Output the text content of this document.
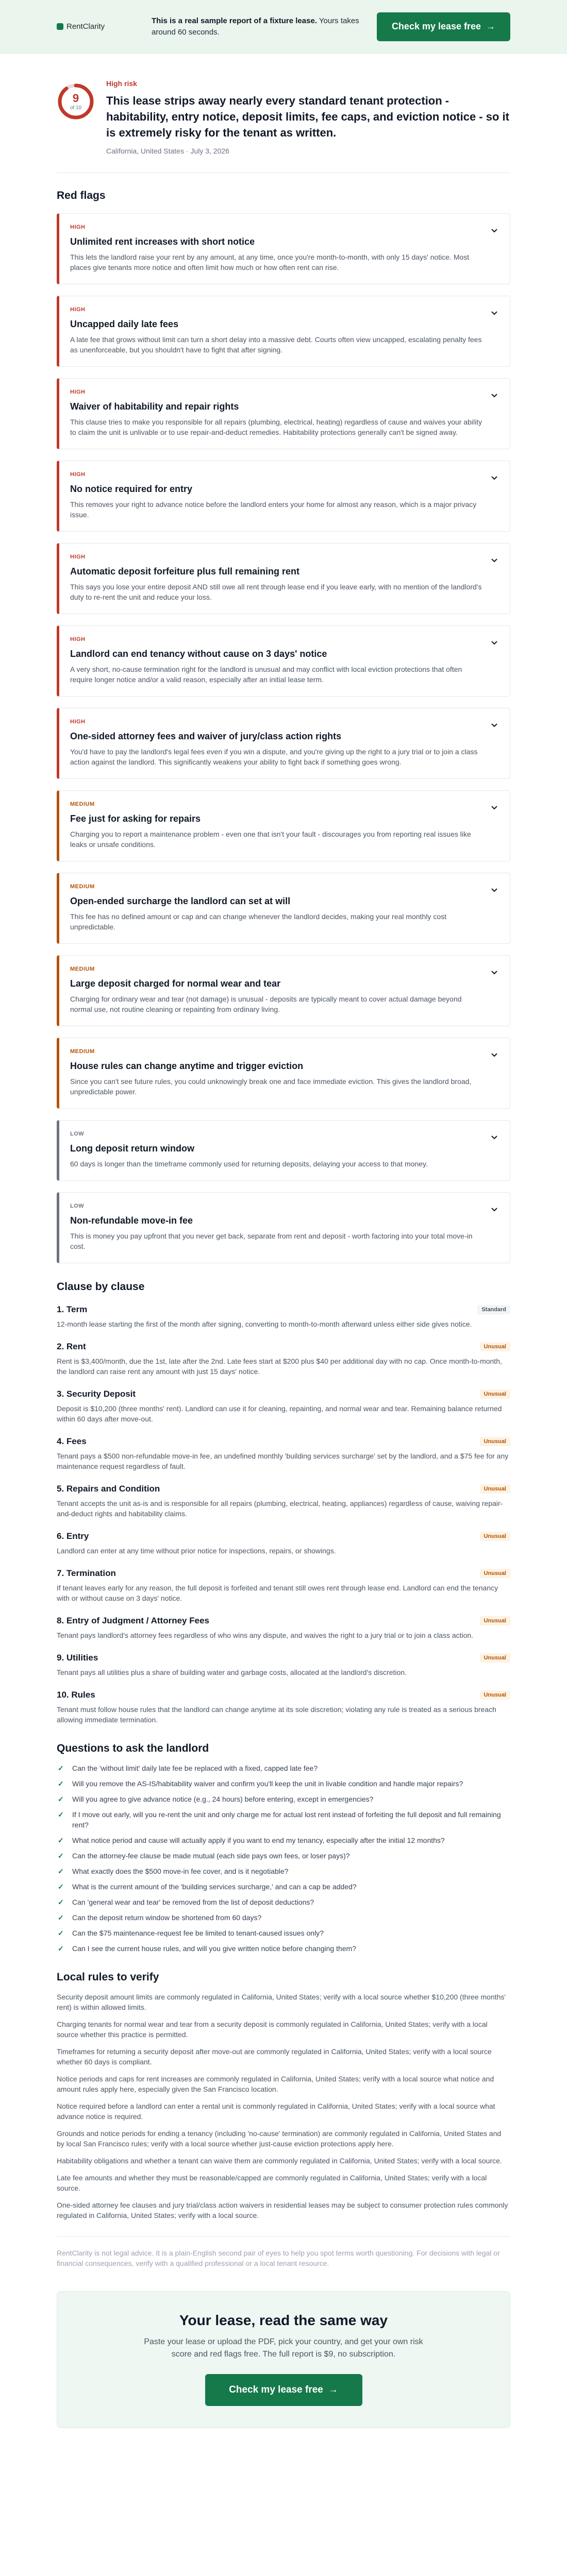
RentClarity
This is a real sample report of a fixture lease. Yours takes around 60 seconds.
Check my lease free →
9
of 10
High risk
This lease strips away nearly every standard tenant protection - habitability, entry notice, deposit limits, fee caps, and eviction notice - so it is extremely risky for the tenant as written.
California, United States · July 3, 2026
Red flags
HIGH
Unlimited rent increases with short notice
This lets the landlord raise your rent by any amount, at any time, once you're month-to-month, with only 15 days' notice. Most places give tenants more notice and often limit how much or how often rent can rise.
HIGH
Uncapped daily late fees
A late fee that grows without limit can turn a short delay into a massive debt. Courts often view uncapped, escalating penalty fees as unenforceable, but you shouldn't have to fight that after signing.
HIGH
Waiver of habitability and repair rights
This clause tries to make you responsible for all repairs (plumbing, electrical, heating) regardless of cause and waives your ability to claim the unit is unlivable or to use repair-and-deduct remedies. Habitability protections generally can't be signed away.
HIGH
No notice required for entry
This removes your right to advance notice before the landlord enters your home for almost any reason, which is a major privacy issue.
HIGH
Automatic deposit forfeiture plus full remaining rent
This says you lose your entire deposit AND still owe all rent through lease end if you leave early, with no mention of the landlord's duty to re-rent the unit and reduce your loss.
HIGH
Landlord can end tenancy without cause on 3 days' notice
A very short, no-cause termination right for the landlord is unusual and may conflict with local eviction protections that often require longer notice and/or a valid reason, especially after an initial lease term.
HIGH
One-sided attorney fees and waiver of jury/class action rights
You'd have to pay the landlord's legal fees even if you win a dispute, and you're giving up the right to a jury trial or to join a class action against the landlord. This significantly weakens your ability to fight back if something goes wrong.
MEDIUM
Fee just for asking for repairs
Charging you to report a maintenance problem - even one that isn't your fault - discourages you from reporting real issues like leaks or unsafe conditions.
MEDIUM
Open-ended surcharge the landlord can set at will
This fee has no defined amount or cap and can change whenever the landlord decides, making your real monthly cost unpredictable.
MEDIUM
Large deposit charged for normal wear and tear
Charging for ordinary wear and tear (not damage) is unusual - deposits are typically meant to cover actual damage beyond normal use, not routine cleaning or repainting from ordinary living.
MEDIUM
House rules can change anytime and trigger eviction
Since you can't see future rules, you could unknowingly break one and face immediate eviction. This gives the landlord broad, unpredictable power.
LOW
Long deposit return window
60 days is longer than the timeframe commonly used for returning deposits, delaying your access to that money.
LOW
Non-refundable move-in fee
This is money you pay upfront that you never get back, separate from rent and deposit - worth factoring into your total move-in cost.
Clause by clause
1. Term	Standard
12-month lease starting the first of the month after signing, converting to month-to-month afterward unless either side gives notice.
2. Rent	Unusual
Rent is $3,400/month, due the 1st, late after the 2nd. Late fees start at $200 plus $40 per additional day with no cap. Once month-to-month, the landlord can raise rent any amount with just 15 days' notice.
3. Security Deposit	Unusual
Deposit is $10,200 (three months' rent). Landlord can use it for cleaning, repainting, and normal wear and tear. Remaining balance returned within 60 days after move-out.
4. Fees	Unusual
Tenant pays a $500 non-refundable move-in fee, an undefined monthly 'building services surcharge' set by the landlord, and a $75 fee for any maintenance request regardless of fault.
5. Repairs and Condition	Unusual
Tenant accepts the unit as-is and is responsible for all repairs (plumbing, electrical, heating, appliances) regardless of cause, waiving repair-and-deduct rights and habitability claims.
6. Entry	Unusual
Landlord can enter at any time without prior notice for inspections, repairs, or showings.
7. Termination	Unusual
If tenant leaves early for any reason, the full deposit is forfeited and tenant still owes rent through lease end. Landlord can end the tenancy with or without cause on 3 days' notice.
8. Entry of Judgment / Attorney Fees	Unusual
Tenant pays landlord's attorney fees regardless of who wins any dispute, and waives the right to a jury trial or to join a class action.
9. Utilities	Unusual
Tenant pays all utilities plus a share of building water and garbage costs, allocated at the landlord's discretion.
10. Rules	Unusual
Tenant must follow house rules that the landlord can change anytime at its sole discretion; violating any rule is treated as a serious breach allowing immediate termination.
Questions to ask the landlord
✓ Can the 'without limit' daily late fee be replaced with a fixed, capped late fee?
✓ Will you remove the AS-IS/habitability waiver and confirm you'll keep the unit in livable condition and handle major repairs?
✓ Will you agree to give advance notice (e.g., 24 hours) before entering, except in emergencies?
✓ If I move out early, will you re-rent the unit and only charge me for actual lost rent instead of forfeiting the full deposit and full remaining rent?
✓ What notice period and cause will actually apply if you want to end my tenancy, especially after the initial 12 months?
✓ Can the attorney-fee clause be made mutual (each side pays own fees, or loser pays)?
✓ What exactly does the $500 move-in fee cover, and is it negotiable?
✓ What is the current amount of the 'building services surcharge,' and can a cap be added?
✓ Can 'general wear and tear' be removed from the list of deposit deductions?
✓ Can the deposit return window be shortened from 60 days?
✓ Can the $75 maintenance-request fee be limited to tenant-caused issues only?
✓ Can I see the current house rules, and will you give written notice before changing them?
Local rules to verify

Security deposit amount limits are commonly regulated in California, United States; verify with a local source whether $10,200 (three months' rent) is within allowed limits.

Charging tenants for normal wear and tear from a security deposit is commonly regulated in California, United States; verify with a local source whether this practice is permitted.

Timeframes for returning a security deposit after move-out are commonly regulated in California, United States; verify with a local source whether 60 days is compliant.

Notice periods and caps for rent increases are commonly regulated in California, United States; verify with a local source what notice and amount rules apply here, especially given the San Francisco location.

Notice required before a landlord can enter a rental unit is commonly regulated in California, United States; verify with a local source what advance notice is required.

Grounds and notice periods for ending a tenancy (including 'no-cause' termination) are commonly regulated in California, United States and by local San Francisco rules; verify with a local source whether just-cause eviction protections apply here.

Habitability obligations and whether a tenant can waive them are commonly regulated in California, United States; verify with a local source.

Late fee amounts and whether they must be reasonable/capped are commonly regulated in California, United States; verify with a local source.

One-sided attorney fee clauses and jury trial/class action waivers in residential leases may be subject to consumer protection rules commonly regulated in California, United States; verify with a local source.

RentClarity is not legal advice. It is a plain-English second pair of eyes to help you spot terms worth questioning. For decisions with legal or financial consequences, verify with a qualified professional or a local tenant resource.

Your lease, read the same way
Paste your lease or upload the PDF, pick your country, and get your own risk score and red flags free. The full report is $9, no subscription.
Check my lease free →
